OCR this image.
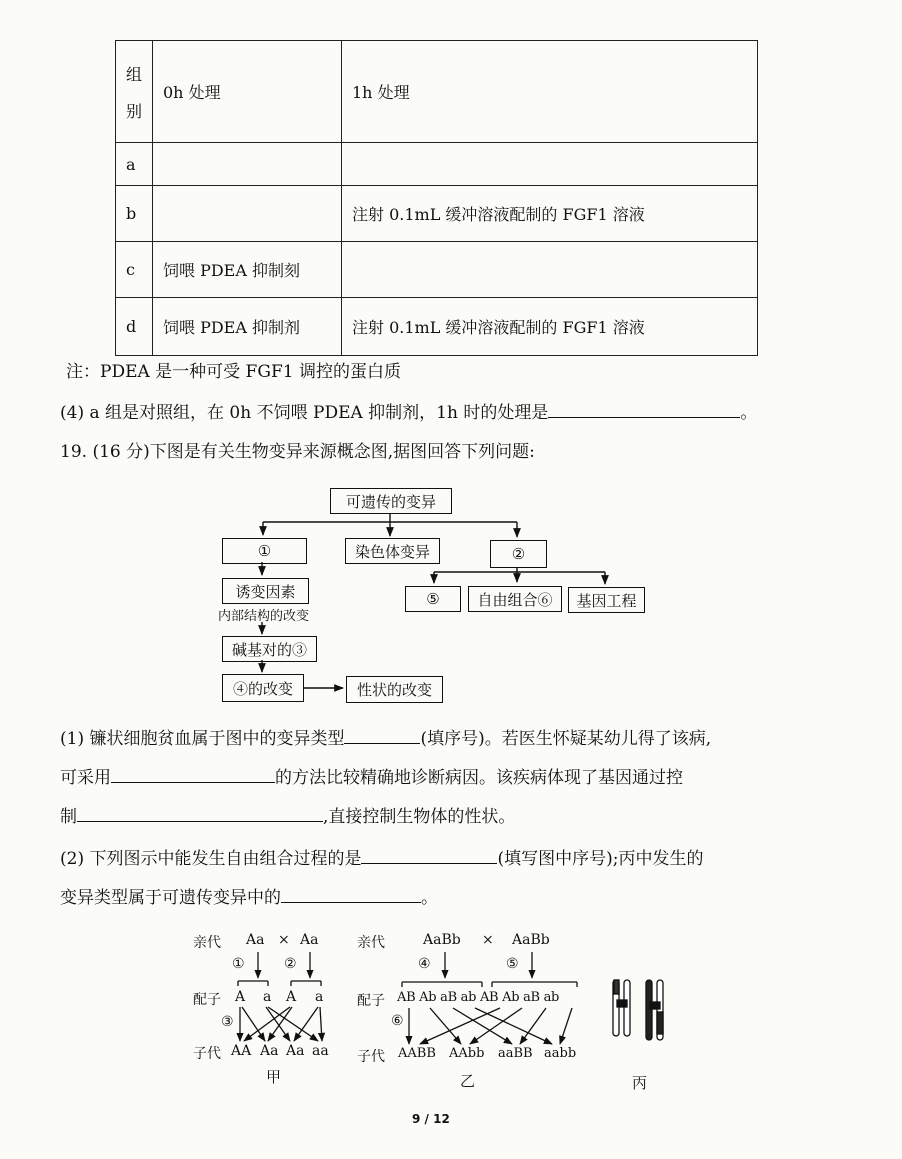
组
别	0h 处理	1h 处理
a		
b		注射 0.1mL 缓冲溶液配制的 FGF1 溶液
c	饲喂 PDEA 抑制刻	
d	饲喂 PDEA 抑制剂	注射 0.1mL 缓冲溶液配制的 FGF1 溶液
注：PDEA 是一种可受 FGF1 调控的蛋白质
(4) a 组是对照组，在 0h 不饲喂 PDEA 抑制剂，1h 时的处理是	。
19. (16 分)下图是有关生物变异来源概念图,据图回答下列问题:
可遗传的变异
①	染色体变异	②
诱变因素
内部结构的改变
⑤	自由组合⑥	基因工程
碱基对的③
④的改变	性状的改变
(1) 镰状细胞贫血属于图中的变异类型	(填序号)。若医生怀疑某幼儿得了该病,
可采用	的方法比较精确地诊断病因。该疾病体现了基因通过控
制	,直接控制生物体的性状。
(2) 下列图示中能发生自由组合过程的是	(填写图中序号);丙中发生的
变异类型属于可遗传变异中的	。
亲代 Aa × Aa
①	②
配子 A a A a
③
子代 AA Aa Aa aa
甲
亲代	AaBb × AaBb
④	⑤
配子 AB Ab aB ab AB Ab aB ab
⑥
子代 AABB AAbb aaBB aabb
乙	丙
9 / 12
